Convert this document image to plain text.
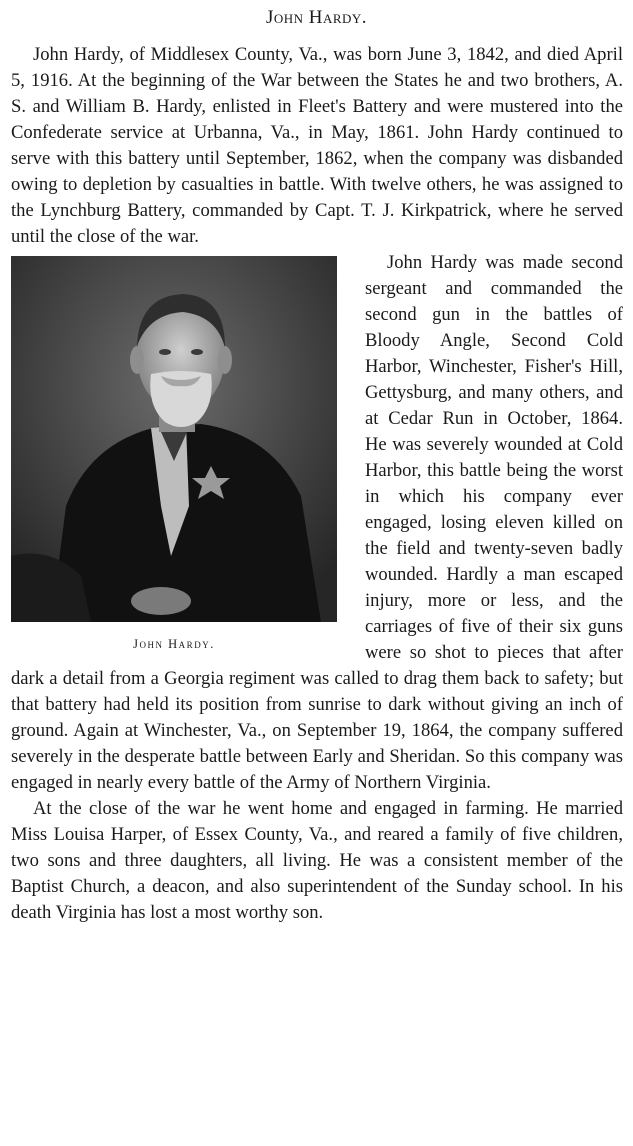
John Hardy.

John Hardy, of Middlesex County, Va., was born June 3, 1842, and died April 5, 1916. At the beginning of the War between the States he and two brothers, A. S. and William B. Hardy, enlisted in Fleet's Battery and were mustered into the Confederate service at Urbanna, Va., in May, 1861. John Hardy continued to serve with this battery until September, 1862, when the company was disbanded owing to depletion by casualties in battle. With twelve others, he was assigned to the Lynchburg Battery, commanded by Capt. T. J. Kirkpatrick, where he served until the close of the war.

John Hardy.

John Hardy was made second sergeant and commanded the second gun in the battles of Bloody Angle, Second Cold Harbor, Winchester, Fisher's Hill, Gettysburg, and many others, and at Cedar Run in October, 1864. He was severely wounded at Cold Harbor, this battle being the worst in which his company ever engaged, losing eleven killed on the field and twenty-seven badly wounded. Hardly a man escaped injury, more or less, and the carriages of five of their six guns were so shot to pieces that after dark a detail from a Georgia regiment was called to drag them back to safety; but that battery had held its position from sunrise to dark without giving an inch of ground. Again at Winchester, Va., on September 19, 1864, the company suffered severely in the desperate battle between Early and Sheridan. So this company was engaged in nearly every battle of the Army of Northern Virginia.

At the close of the war he went home and engaged in farming. He married Miss Louisa Harper, of Essex County, Va., and reared a family of five children, two sons and three daughters, all living. He was a consistent member of the Baptist Church, a deacon, and also superintendent of the Sunday school. In his death Virginia has lost a most worthy son.
